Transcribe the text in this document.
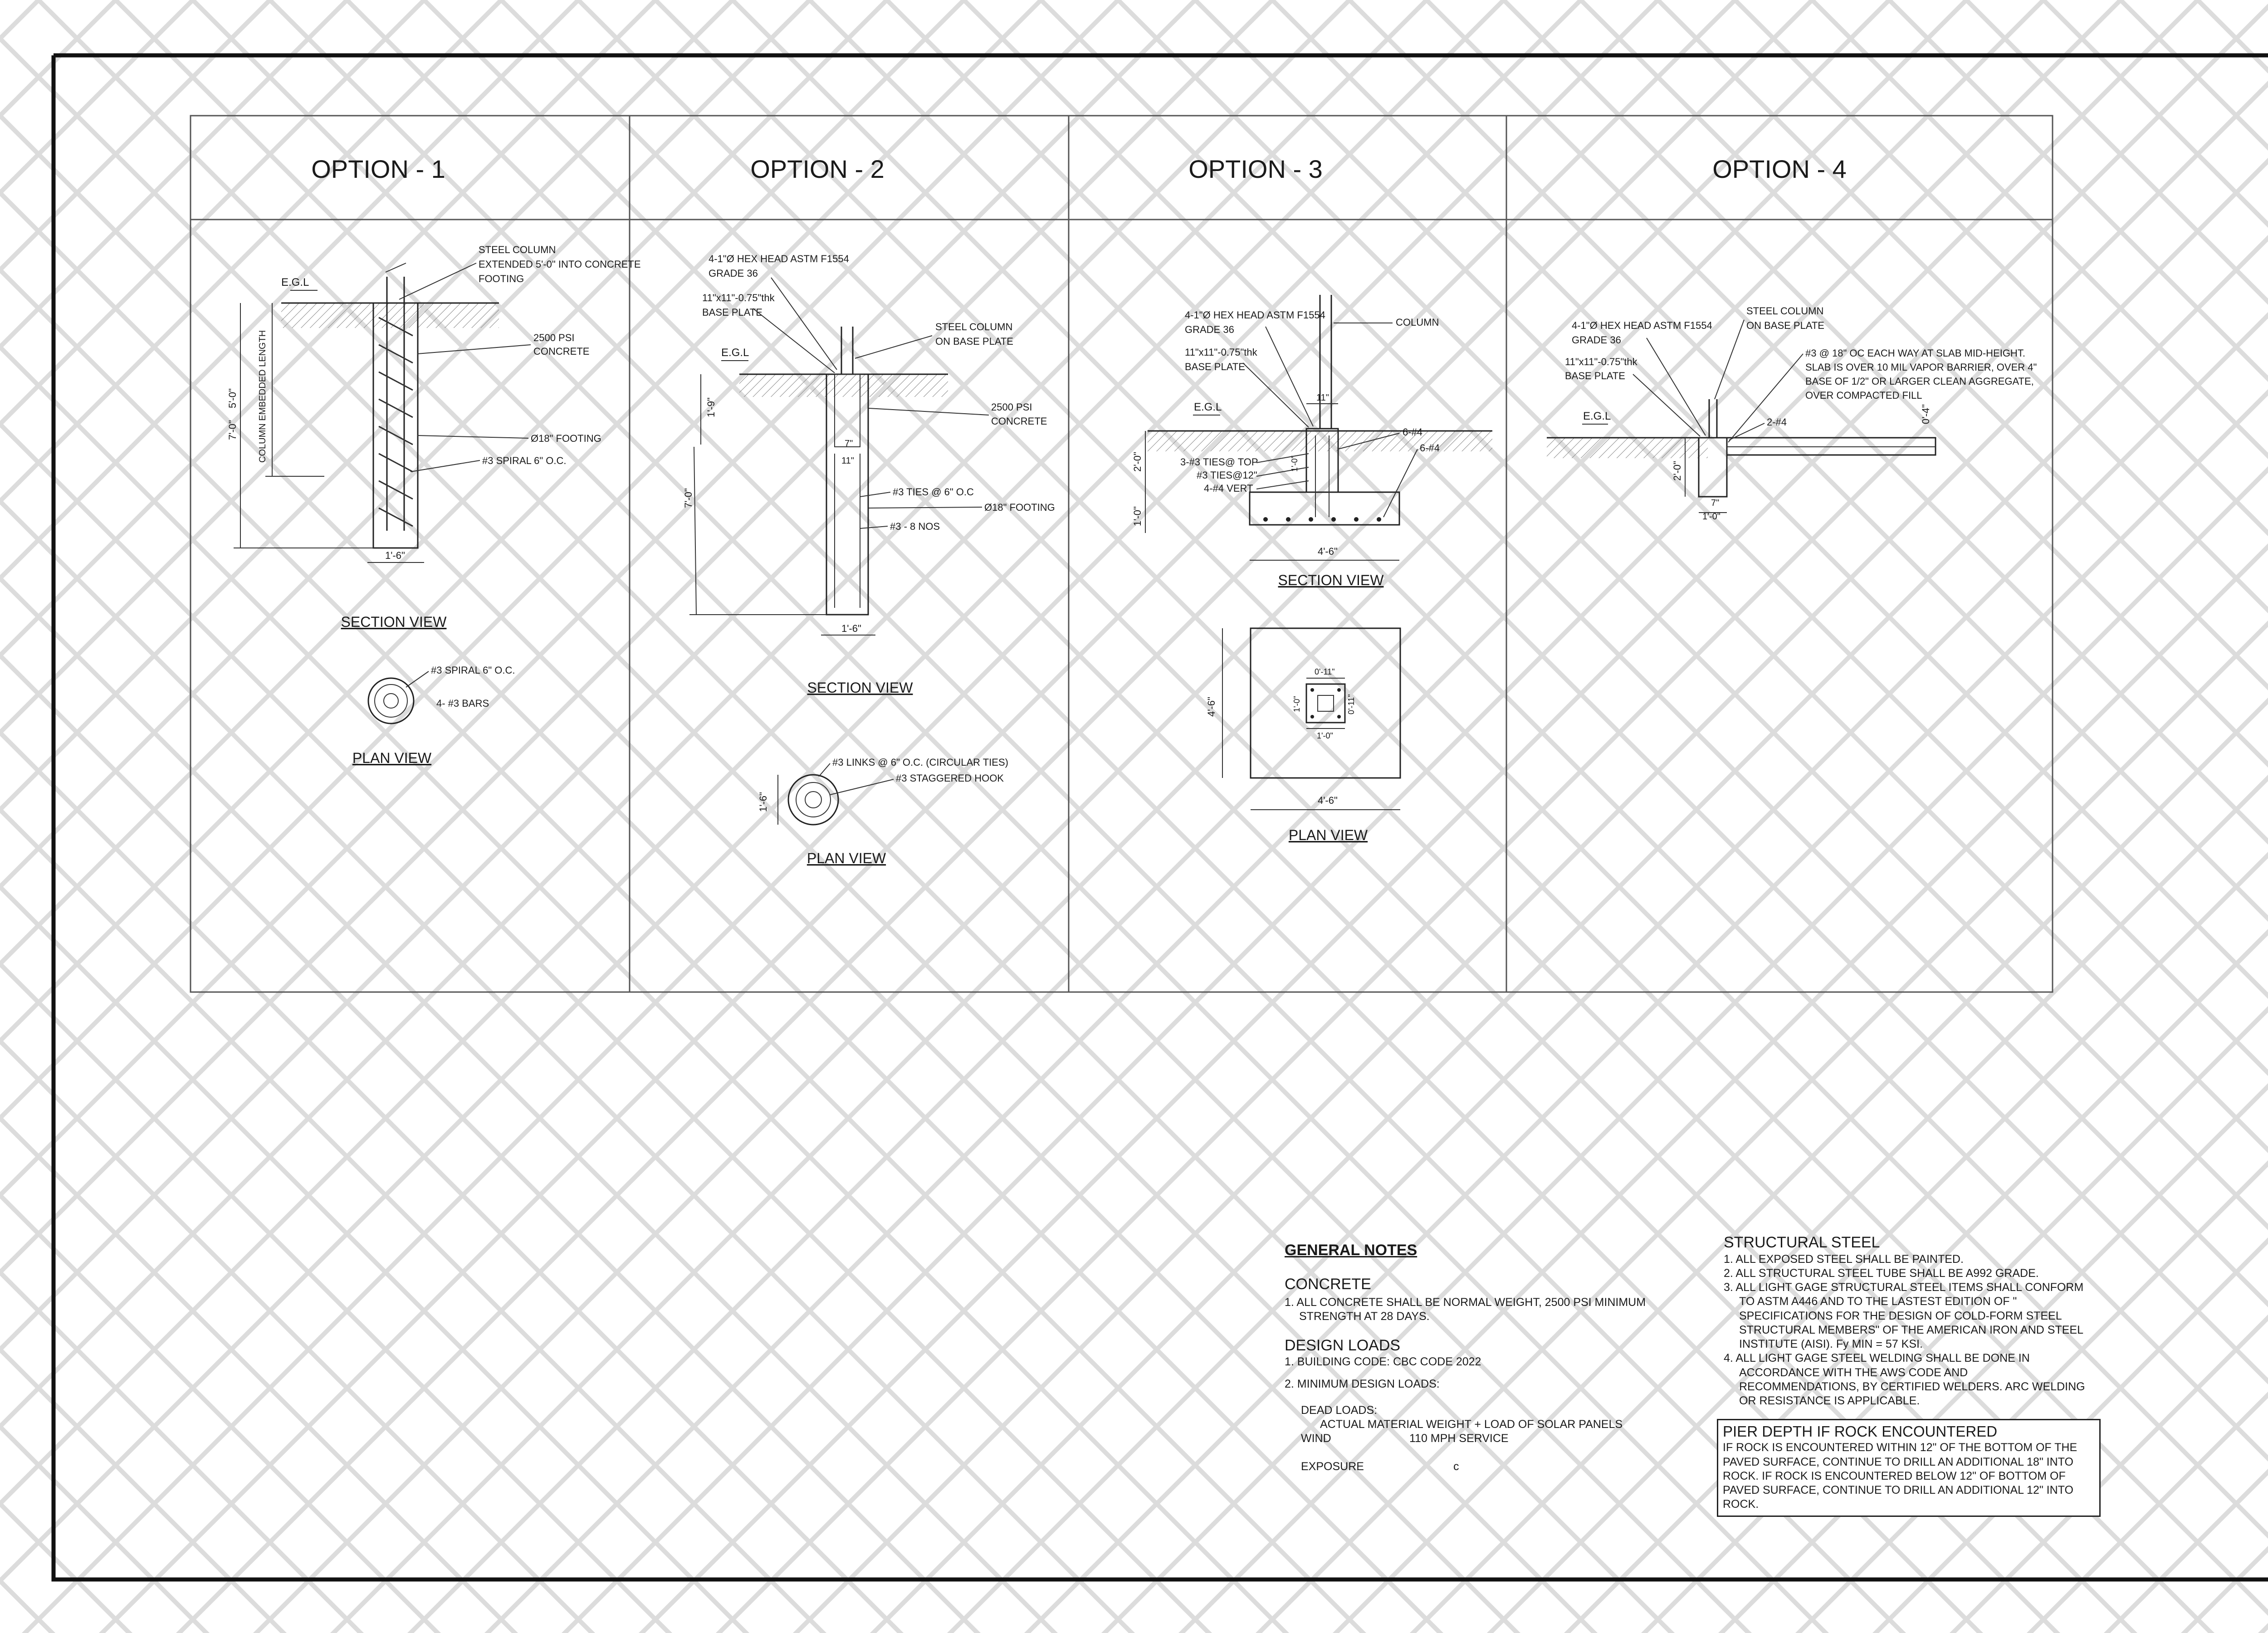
OPTION - 1	OPTION - 2	OPTION - 3	OPTION - 4
E.G.L
STEEL COLUMN
EXTENDED 5'-0" INTO CONCRETE
FOOTING
2500 PSI
CONCRETE
Ø18" FOOTING
#3 SPIRAL 6" O.C.
5'-0" COLUMN EMBEDDED LENGTH
7'-0"
1'-6"
SECTION VIEW
#3 SPIRAL 6" O.C.
4- #3 BARS
PLAN VIEW
E.G.L
4-1"Ø HEX HEAD ASTM F1554
GRADE 36
11"x11"-0.75"thk
BASE PLATE
STEEL COLUMN
ON BASE PLATE
2500 PSI
CONCRETE
1'-9"
7"
11"
7'-0"	#3 TIES @ 6" O.C
Ø18" FOOTING
#3 - 8 NOS
1'-6"
SECTION VIEW
1'-6"
#3 LINKS @ 6" O.C. (CIRCULAR TIES)
#3 STAGGERED HOOK
PLAN VIEW
E.G.L
4-1"Ø HEX HEAD ASTM F1554
GRADE 36
11"x11"-0.75"thk
BASE PLATE
COLUMN
11"
6-#4
6-#4
3-#3 TIES@ TOP
#3 TIES@12"
4-#4 VERT
2'-0"
1'-0"
1'-0"
4'-6"
SECTION VIEW
0'-11"
1'-0"	0'-11"
1'-0"
4'-6"
4'-6"
PLAN VIEW
E.G.L
4-1"Ø HEX HEAD ASTM F1554
GRADE 36
11"x11"-0.75"thk
BASE PLATE
STEEL COLUMN
ON BASE PLATE
#3 @ 18" OC EACH WAY AT SLAB MID-HEIGHT.
SLAB IS OVER 10 MIL VAPOR BARRIER, OVER 4"
BASE OF 1/2" OR LARGER CLEAN AGGREGATE,
OVER COMPACTED FILL
2-#4	0'-4"
2'-0"
7"
1'-0"
GENERAL NOTES
CONCRETE

1. ALL CONCRETE SHALL BE NORMAL WEIGHT, 2500 PSI MINIMUM

STRENGTH AT 28 DAYS.

DESIGN LOADS

1. BUILDING CODE: CBC CODE 2022

2. MINIMUM DESIGN LOADS:

DEAD LOADS:

ACTUAL MATERIAL WEIGHT + LOAD OF SOLAR PANELS

WIND	110 MPH SERVICE

EXPOSURE	c

STRUCTURAL STEEL

1. ALL EXPOSED STEEL SHALL BE PAINTED.

2. ALL STRUCTURAL STEEL TUBE SHALL BE A992 GRADE.

3. ALL LIGHT GAGE STRUCTURAL STEEL ITEMS SHALL CONFORM

TO ASTM A446 AND TO THE LASTEST EDITION OF "

SPECIFICATIONS FOR THE DESIGN OF COLD-FORM STEEL

STRUCTURAL MEMBERS" OF THE AMERICAN IRON AND STEEL

INSTITUTE (AISI). Fy MIN = 57 KSI.

4. ALL LIGHT GAGE STEEL WELDING SHALL BE DONE IN

ACCORDANCE WITH THE AWS CODE AND

RECOMMENDATIONS, BY CERTIFIED WELDERS. ARC WELDING

OR RESISTANCE IS APPLICABLE.

PIER DEPTH IF ROCK ENCOUNTERED

IF ROCK IS ENCOUNTERED WITHIN 12" OF THE BOTTOM OF THE

PAVED SURFACE, CONTINUE TO DRILL AN ADDITIONAL 18" INTO

ROCK. IF ROCK IS ENCOUNTERED BELOW 12" OF BOTTOM OF

PAVED SURFACE, CONTINUE TO DRILL AN ADDITIONAL 12" INTO

ROCK.
